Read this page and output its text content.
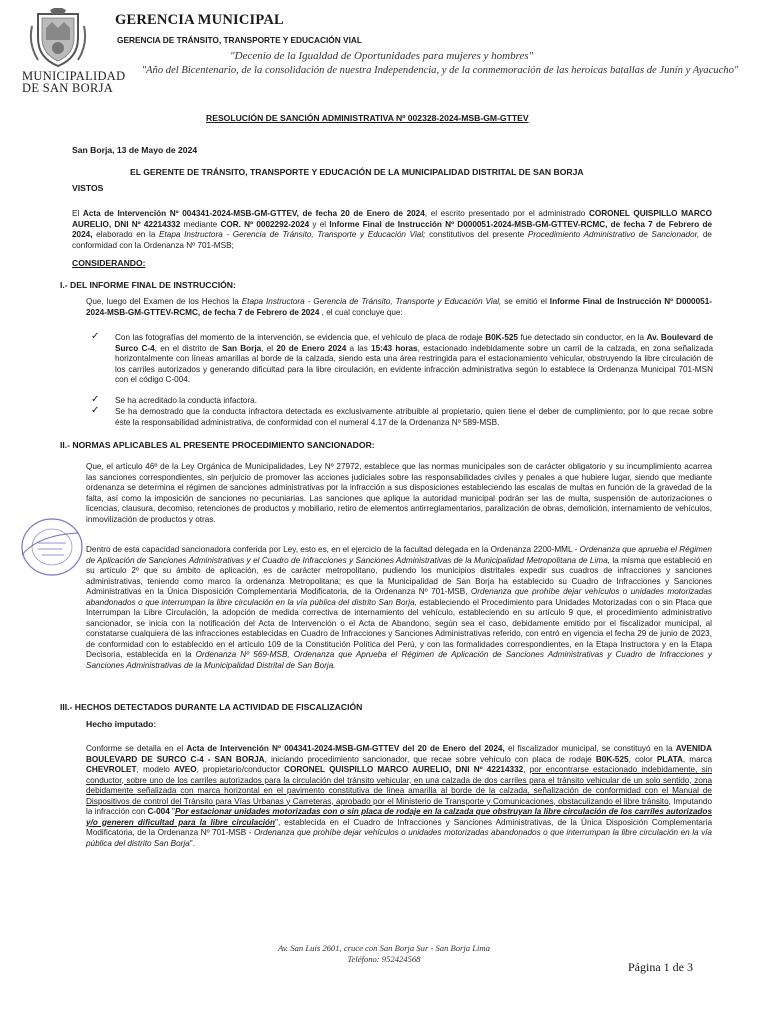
MUNICIPALIDAD
DE SAN BORJA
GERENCIA MUNICIPAL
GERENCIA DE TRÁNSITO, TRANSPORTE Y EDUCACIÓN VIAL
"Decenio de la Igualdad de Oportunidades para mujeres y hombres"
"Año del Bicentenario, de la consolidación de nuestra Independencia, y de la conmemoración de las heroicas batallas de Junín y Ayacucho"
RESOLUCIÓN DE SANCIÓN ADMINISTRATIVA Nº 002328-2024-MSB-GM-GTTEV
San Borja, 13 de Mayo de 2024
EL GERENTE DE TRÁNSITO, TRANSPORTE Y EDUCACIÓN DE LA MUNICIPALIDAD DISTRITAL DE SAN BORJA
VISTOS
El Acta de Intervención Nº 004341-2024-MSB-GM-GTTEV, de fecha 20 de Enero de 2024, el escrito presentado por el administrado CORONEL QUISPILLO MARCO AURELIO, DNI Nº 42214332 mediante COR. Nº 0002292-2024 y el Informe Final de Instrucción Nº D000051-2024-MSB-GM-GTTEV-RCMC, de fecha 7 de Febrero de 2024, elaborado en la Etapa Instructora - Gerencia de Tránsito, Transporte y Educación Vial; constitutivos del presente Procedimiento Administrativo de Sancionador, de conformidad con la Ordenanza Nº 701-MSB;
CONSIDERANDO:
I.- DEL INFORME FINAL DE INSTRUCCIÓN:
Que, luego del Examen de los Hechos la Etapa Instructora - Gerencia de Tránsito, Transporte y Educación Vial, se emitió el Informe Final de Instrucción Nº D000051-2024-MSB-GM-GTTEV-RCMC, de fecha 7 de Febrero de 2024 , el cual concluye que:
✓ Con las fotografías del momento de la intervención, se evidencia que, el vehículo de placa de rodaje B0K-525 fue detectado sin conductor, en la Av. Boulevard de Surco C-4, en el distrito de San Borja, el 20 de Enero 2024 a las 15:43 horas, estacionado indebidamente sobre un carril de la calzada, en zona señalizada horizontalmente con líneas amarillas al borde de la calzada, siendo esta una área restringida para el estacionamiento vehicular, obstruyendo la libre circulación de los carriles autorizados y generando dificultad para la libre circulación, en evidente infracción administrativa según lo establece la Ordenanza Municipal 701-MSN con el código C-004.
✓ Se ha acreditado la conducta infactora.
✓ Se ha demostrado que la conducta infractora detectada es exclusivamente atribuible al propietario, quien tiene el deber de cumplimiento; por lo que recae sobre éste la responsabilidad administrativa, de conformidad con el numeral 4.17 de la Ordenanza Nº 589-MSB.
II.- NORMAS APLICABLES AL PRESENTE PROCEDIMIENTO SANCIONADOR:
Que, el artículo 46º de la Ley Orgánica de Municipalidades, Ley Nº 27972, establece que las normas municipales son de carácter obligatorio y su incumplimiento acarrea las sanciones correspondientes, sin perjuicio de promover las acciones judiciales sobre las responsabilidades civiles y penales a que hubiere lugar, siendo que mediante ordenanza se determina el régimen de sanciones administrativas por la infracción a sus disposiciones estableciendo las escalas de multas en función de la gravedad de la falta, así como la imposición de sanciones no pecuniarias. Las sanciones que aplique la autoridad municipal podrán ser las de multa, suspensión de autorizaciones o licencias, clausura, decomiso, retenciones de productos y mobiliario, retiro de elementos antirreglamentarios, paralización de obras, demolición, internamiento de vehículos, inmovilización de productos y otras.
Dentro de esta capacidad sancionadora conferida por Ley, esto es, en el ejercicio de la facultad delegada en la Ordenanza 2200-MML - Ordenanza que aprueba el Régimen de Aplicación de Sanciones Administrativas y el Cuadro de Infracciones y Sanciones Administrativas de la Municipalidad Metropolitana de Lima, la misma que estableció en su artículo 2º que su ámbito de aplicación, es de carácter metropolitano, pudiendo los municipios distritales expedir sus cuadros de infracciones y sanciones administrativas, teniendo como marco la ordenanza Metropolitana; es que la Municipalidad de San Borja ha establecido su Cuadro de Infracciones y Sanciones Administrativas en la Única Disposición Complementaria Modificatoria, de la Ordenanza Nº 701-MSB, Ordenanza que prohíbe dejar vehículos o unidades motorizadas abandonados o que interrumpan la libre circulación en la vía pública del distrito San Borja, estableciendo el Procedimiento para Unidades Motorizadas con o sin Placa que Interrumpan la Libre Circulación, la adopción de medida correctiva de internamiento del vehículo, estableciendo en su artículo 9 que, el procedimiento administrativo sancionador, se inicia con la notificación del Acta de Intervención o el Acta de Abandono, según sea el caso, debidamente emitido por el fiscalizador municipal, al constatarse cualquiera de las infracciones establecidas en Cuadro de Infracciones y Sanciones Administrativas referido, con entró en vigencia el fecha 29 de junio de 2023, de conformidad con lo establecido en el artículo 109 de la Constitución Política del Perú, y con las formalidades correspondientes, en la Etapa Instructora y en la Etapa Decisoria, establecida en la Ordenanza Nº 569-MSB, Ordenanza que Aprueba el Régimen de Aplicación de Sanciones Administrativas y Cuadro de Infracciones y Sanciones Administrativas de la Municipalidad Distrital de San Borja.
III.- HECHOS DETECTADOS DURANTE LA ACTIVIDAD DE FISCALIZACIÓN
Hecho imputado:
Conforme se detalla en el Acta de Intervención Nº 004341-2024-MSB-GM-GTTEV del 20 de Enero del 2024, el fiscalizador municipal, se constituyó en la AVENIDA BOULEVARD DE SURCO C-4 - SAN BORJA, iniciando procedimiento sancionador, que recae sobre vehículo con placa de rodaje B0K-525, color PLATA, marca CHEVROLET, modelo AVEO, propietario/conductor CORONEL QUISPILLO MARCO AURELIO, DNI Nº 42214332, por encontrarse estacionado indebidamente, sin conductor, sobre uno de los carriles autorizados para la circulación del tránsito vehicular, en una calzada de dos carriles para el tránsito vehicular de un solo sentido, zona debidamente señalizada con marca horizontal en el pavimento constitutiva de línea amarilla al borde de la calzada, señalización de conformidad con el Manual de Dispositivos de control del Tránsito para Vías Urbanas y Carreteras, aprobado por el Ministerio de Transporte y Comunicaciones, obstaculizando el libre tránsito, Imputando la infracción con C-004 "Por estacionar unidades motorizadas con o sin placa de rodaje en la calzada que obstruyan la libre circulación de los carriles autorizados y/o generen dificultad para la libre circulación", establecida en el Cuadro de Infracciones y Sanciones Administrativas, de la Única Disposición Complementaria Modificatoria, de la Ordenanza Nº 701-MSB - Ordenanza que prohíbe dejar vehículos o unidades motorizadas abandonados o que interrumpan la libre circulación en la vía pública del distrito San Borja".
Av. San Luis 2601, cruce con San Borja Sur - San Borja Lima
Teléfono: 952424568
Página 1 de 3
